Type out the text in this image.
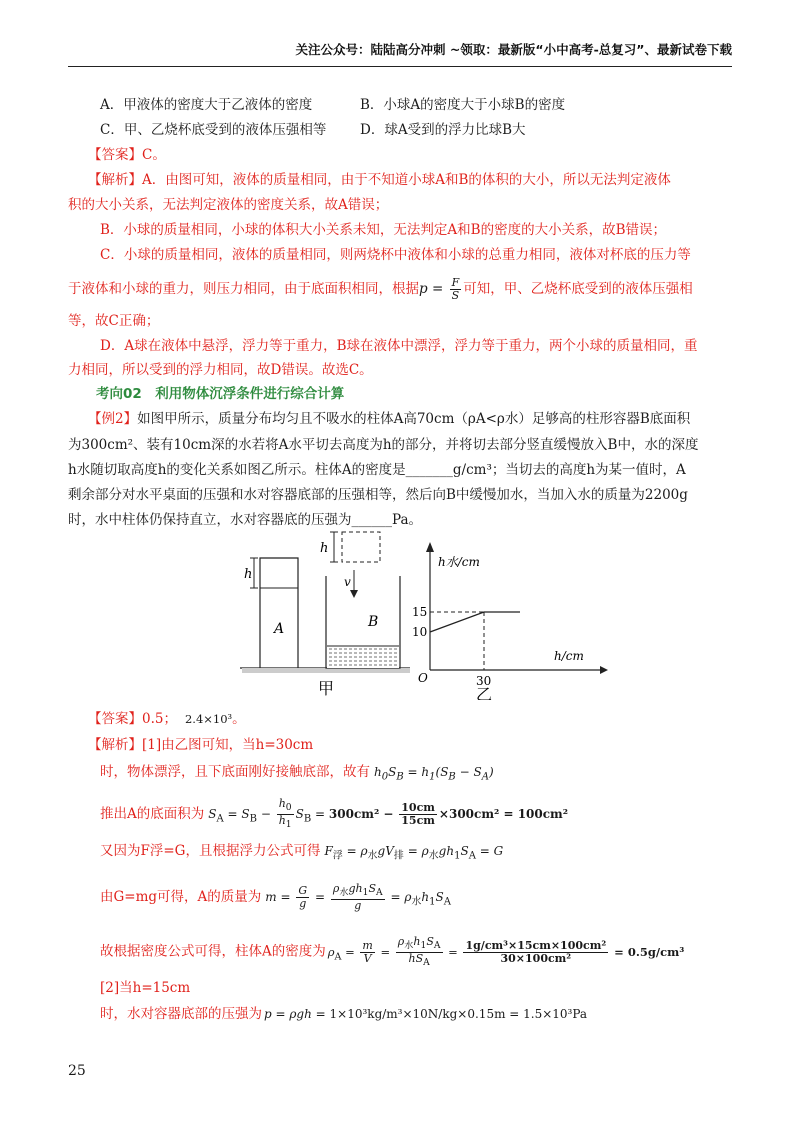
关注公众号：陆陆高分冲刺 ~领取：最新版“小中高考-总复习”、最新试卷下载
A．甲液体的密度大于乙液体的密度	B．小球A的密度大于小球B的密度
C．甲、乙烧杯底受到的液体压强相等 D．球A受到的浮力比球B大
【答案】C。
【解析】A．由图可知，液体的质量相同，由于不知道小球A和B的体积的大小，所以无法判定液体
积的大小关系，无法判定液体的密度关系，故A错误；
B．小球的质量相同，小球的体积大小关系未知，无法判定A和B的密度的大小关系，故B错误；
C．小球的质量相同，液体的质量相同，则两烧杯中液体和小球的总重力相同，液体对杯底的压力等
于液体和小球的重力，则压力相同，由于底面积相同，根据$p = \frac{F}{S}$ 可知，甲、乙烧杯底受到的液体压强相
等，故C正确；
D．A球在液体中悬浮，浮力等于重力，B球在液体中漂浮，浮力等于重力，两个小球的质量相同，重
力相同，所以受到的浮力相同，故D错误。故选C。
考向02　利用物体沉浮条件进行综合计算
【例2】如图甲所示，质量分布均匀且不吸水的柱体A高70cm（ρA<ρ水）足够高的柱形容器B底面积
为300cm²、装有10cm深的水若将A水平切去高度为h的部分，并将切去部分竖直缓慢放入B中，水的深度
h水随切取高度h的变化关系如图乙所示。柱体A的密度是_______g/cm³；当切去的高度h为某一值时，A
剩余部分对水平桌面的压强和水对容器底部的压强相等，然后向B中缓慢加水，当加入水的质量为2200g
时，水中柱体仍保持直立，水对容器底的压强为______Pa。
h
A
h
v
B
甲
h水/cm
h/cm
O
15
10
30
乙
【答案】0.5； 2.4×10³。
【解析】[1]由乙图可知，当h=30cm
时，物体漂浮，且下底面刚好接触底部，故有 $h_0S_B = h_1(S_B - S_A)$
推出A的底面积为 $S_A = S_B - \frac{h_0}{h_1} S_B = 300cm^2 - \frac{10cm}{15cm} \times 300cm^2 = 100cm^2$
又因为F浮=G，且根据浮力公式可得 $F_浮 = \rho_水gV_排 = \rho_水gh_1S_A = G$
由G=mg可得，A的质量为 $m = \frac{G}{g} = \frac{\rho_水gh_1S_A}{g} = \rho_水h_1S_A$
故根据密度公式可得，柱体A的密度为 $\rho_A = \frac{m}{V} = \frac{\rho_水h_1S_A}{hS_A} = \frac{\text{1g/cm³×15cm×100cm²}}{\text{30×100cm²}} = 0.5g/cm^3$
[2]当h=15cm
时，水对容器底部的压强为 p = ρgh = 1×10³kg/m³×10N/kg×0.15m = 1.5×10³Pa
25
